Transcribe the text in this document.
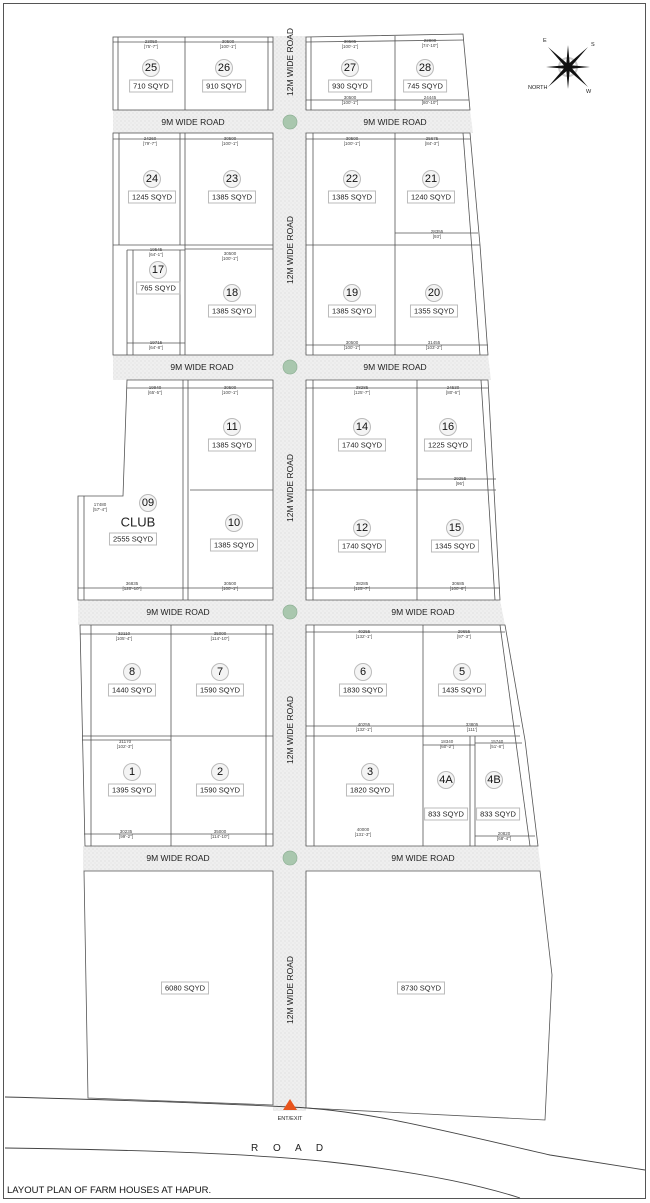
E
S
NORTH
W
12M WIDE ROAD
12M WIDE ROAD
12M WIDE ROAD
12M WIDE ROAD
12M WIDE ROAD
9M WIDE ROAD	9M WIDE ROAD
9M WIDE ROAD	9M WIDE ROAD
9M WIDE ROAD	9M WIDE ROAD
9M WIDE ROAD	9M WIDE ROAD
25
710 SQYD
26
910 SQYD
27
930 SQYD
28
745 SQYD
24
1245 SQYD
23
1385 SQYD
22
1385 SQYD
21
1240 SQYD
17
765 SQYD	18
1385 SQYD
19
1385 SQYD
20
1355 SQYD
11
1385 SQYD
14
1740 SQYD
16
1225 SQYD
09
CLUB
2555 SQYD
10
1385 SQYD
12
1740 SQYD
15
1345 SQYD
8
1440 SQYD
7
1590 SQYD
6
1830 SQYD
5
1435 SQYD
1
1395 SQYD
2
1590 SQYD
3
1820 SQYD
4A
833 SQYD
4B
833 SQYD
6080 SQYD	8730 SQYD
23050
[75'-7"]
30500
[100'-1"]
30505
[100'-1"]
22800
[74'-10"]
30500
[100'-1"]
24445
[80'-10"]
24260
[79'-7"]
30500
[100'-1"]
30500
[100'-1"]
25675
[84'-3"]
28355
[93']
19545
[64'-1"]	30500
[100'-1"]
19715
[64'-8"]
30500
[100'-1"]
31455
[103'-2"]
19940
[65'-5"]
30500
[100'-1"]
38285
[125'-7"]
24530
[80'-6"]
29255
[96']
17480
[57'-4"]
36835
[120'-10"]
30500
[100'-1"]
38285
[125'-7"]
30685
[100'-8"]
32110
[105'-4"]
35000
[114'-10"]
40255
[132'-1"]
29655
[97'-3"]
31170
[102'-3"]
40255
[132'-1"]
33805
[111']
18340
[60'-2"]
15740
[51'-8"]
30235
[99'-2"]
35000
[114'-10"]
40000
[131'-3"]	20820
[68'-4"]
ENT/EXIT
R O A D
LAYOUT PLAN OF FARM HOUSES AT HAPUR.
